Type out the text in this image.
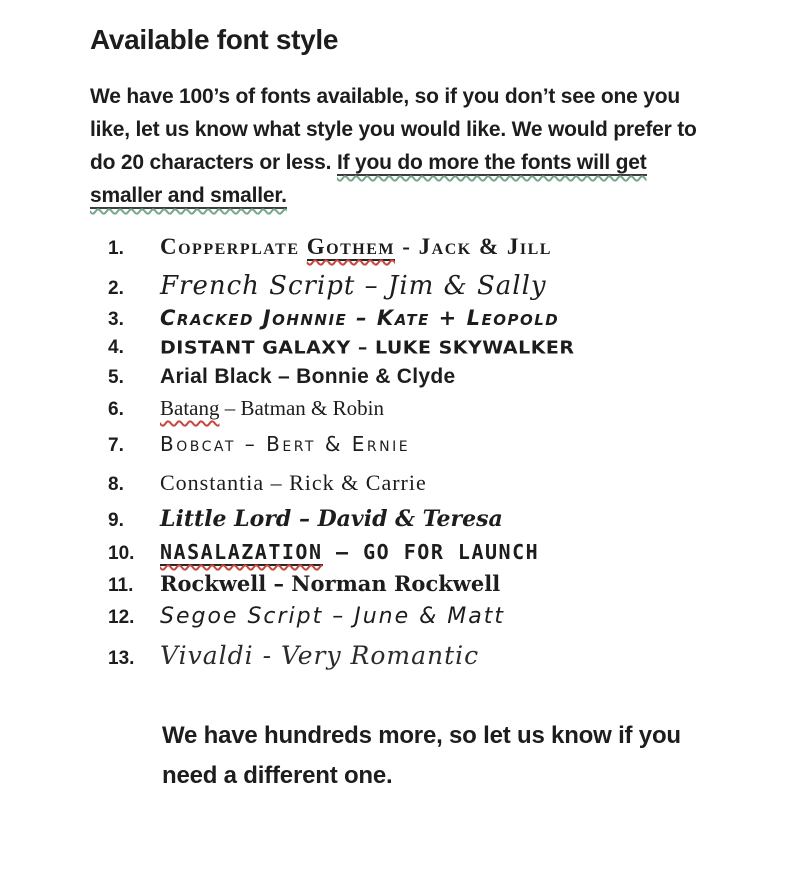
Available font style

We have 100’s of fonts available, so if you don’t see one you like, let us know what style you would like. We would prefer to do 20 characters or less. If you do more the fonts will get smaller and smaller.

1.	Copperplate Gothem - Jack & Jill
2.	French Script – Jim & Sally
3.	Cracked Johnnie – Kate + Leopold
4.	DISTANT GALAXY – LUKE SKYWALKER
5.	Arial Black – Bonnie & Clyde
6.	Batang – Batman & Robin
7.	Bobcat – Bert & Ernie
8.	Constantia – Rick & Carrie
9.	Little Lord – David & Teresa
10.	NASALAZATION – GO FOR LAUNCH
11.	Rockwell – Norman Rockwell
12.	Segoe Script – June & Matt
13.	Vivaldi - Very Romantic

We have hundreds more, so let us know if you need a different one.
